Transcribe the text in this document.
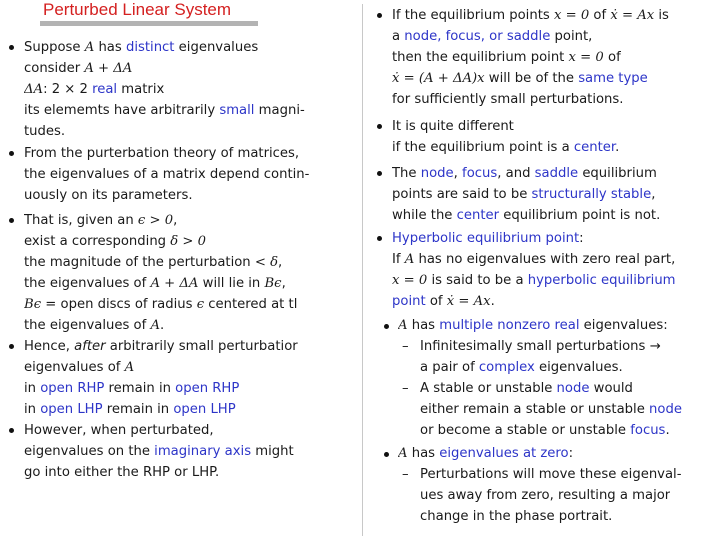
Perturbed Linear System
Suppose A has distinct eigenvalues
consider A + ΔA
ΔA: 2 × 2 real matrix
its elememts have arbitrarily small magni-
tudes.
From the purterbation theory of matrices,
the eigenvalues of a matrix depend contin-
uously on its parameters.
That is, given an ϵ > 0,
exist a corresponding δ > 0
the magnitude of the perturbation < δ,
the eigenvalues of A + ΔA will lie in Bϵ,
Bϵ = open discs of radius ϵ centered at tl
the eigenvalues of A.
Hence, after arbitrarily small perturbatior
eigenvalues of A
in open RHP remain in open RHP
in open LHP remain in open LHP
However, when perturbated,
eigenvalues on the imaginary axis might
go into either the RHP or LHP.
If the equilibrium points x = 0 of ẋ = Ax is
a node, focus, or saddle point,
then the equilibrium point x = 0 of
ẋ = (A + ΔA)x will be of the same type
for sufficiently small perturbations.
It is quite different
if the equilibrium point is a center.
The node, focus, and saddle equilibrium
points are said to be structurally stable,
while the center equilibrium point is not.
Hyperbolic equilibrium point:
If A has no eigenvalues with zero real part,
x = 0 is said to be a hyperbolic equilibrium
point of ẋ = Ax.
A has multiple nonzero real eigenvalues:
– Infinitesimally small perturbations →
a pair of complex eigenvalues.
– A stable or unstable node would
either remain a stable or unstable node
or become a stable or unstable focus.
A has eigenvalues at zero:
– Perturbations will move these eigenval-
ues away from zero, resulting a major
change in the phase portrait.
